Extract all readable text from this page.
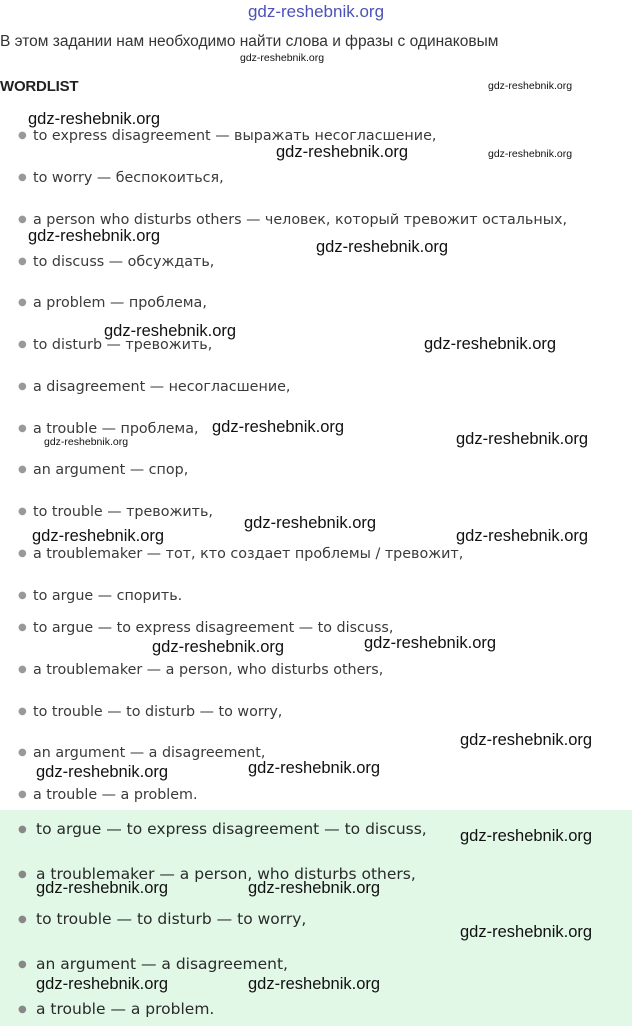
gdz-reshebnik.org
В этом задании нам необходимо найти слова и фразы с одинаковым
WORDLIST
● to express disagreement — выражать несогласшение,
● to worry — беспокоиться,
● a person who disturbs others — человек, который тревожит остальных,
● to discuss — обсуждать,
● a problem — проблема,
● to disturb — тревожить,
● a disagreement — несогласшение,
● a trouble — проблема,
● an argument — спор,
● to trouble — тревожить,
● a troublemaker — тот, кто создает проблемы / тревожит,
● to argue — спорить.
● to argue — to express disagreement — to discuss,
● a troublemaker — a person, who disturbs others,
● to trouble — to disturb — to worry,
● an argument — a disagreement,
● a trouble — a problem.
● to argue — to express disagreement — to discuss,
● a troublemaker — a person, who disturbs others,
● to trouble — to disturb — to worry,
● an argument — a disagreement,
● a trouble — a problem.
gdz-reshebnik.org
gdz-reshebnik.org
gdz-reshebnik.org
gdz-reshebnik.org	gdz-reshebnik.org
gdz-reshebnik.org
gdz-reshebnik.org
gdz-reshebnik.org
gdz-reshebnik.org
gdz-reshebnik.org
gdz-reshebnik.org	gdz-reshebnik.org
gdz-reshebnik.org
gdz-reshebnik.org	gdz-reshebnik.org
gdz-reshebnik.org	gdz-reshebnik.org
gdz-reshebnik.org
gdz-reshebnik.org	gdz-reshebnik.org
gdz-reshebnik.org
gdz-reshebnik.org	gdz-reshebnik.org
gdz-reshebnik.org
gdz-reshebnik.org	gdz-reshebnik.org
